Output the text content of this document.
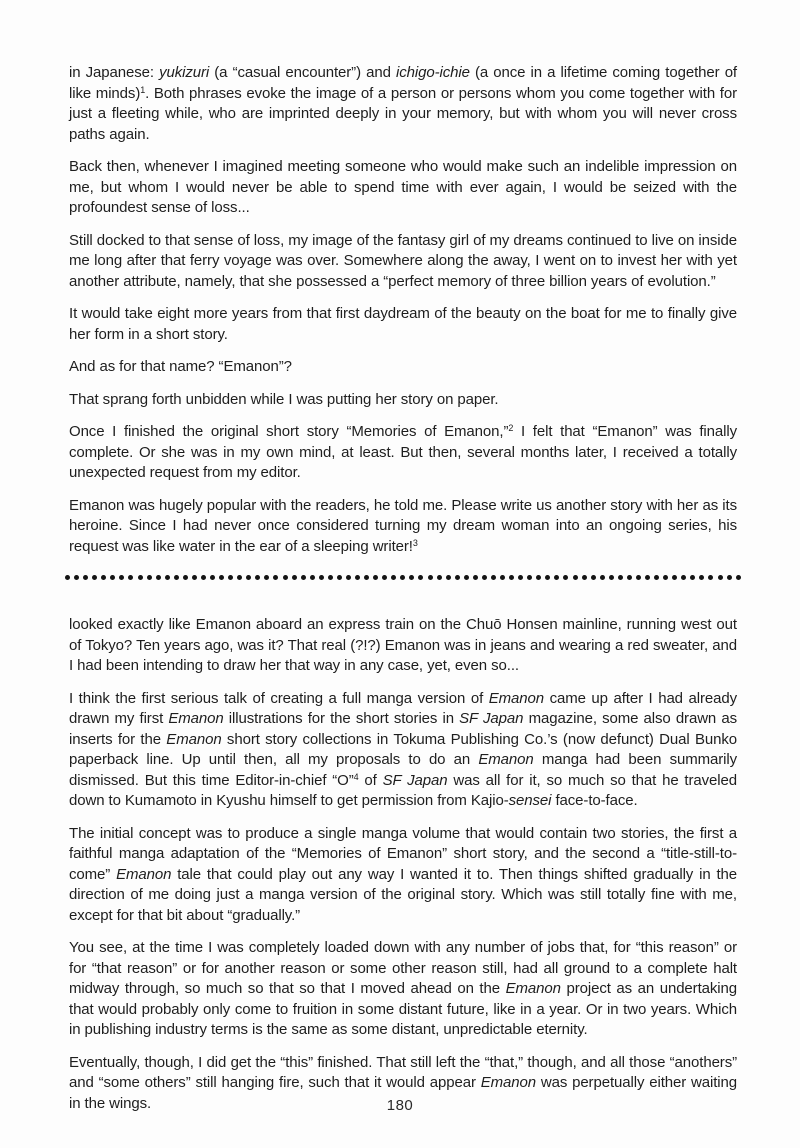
in Japanese: yukizuri (a “casual encounter”) and ichigo-ichie (a once in a lifetime coming together of like minds)$^1$. Both phrases evoke the image of a person or persons whom you come together with for just a fleeting while, who are imprinted deeply in your memory, but with whom you will never cross paths again.

Back then, whenever I imagined meeting someone who would make such an indelible impression on me, but whom I would never be able to spend time with ever again, I would be seized with the profoundest sense of loss...

Still docked to that sense of loss, my image of the fantasy girl of my dreams continued to live on inside me long after that ferry voyage was over. Somewhere along the away, I went on to invest her with yet another attribute, namely, that she possessed a “perfect memory of three billion years of evolution.”

It would take eight more years from that first daydream of the beauty on the boat for me to finally give her form in a short story.

And as for that name? “Emanon”?

That sprang forth unbidden while I was putting her story on paper.

Once I finished the original short story “Memories of Emanon,”$^2$ I felt that “Emanon” was finally complete. Or she was in my own mind, at least. But then, several months later, I received a totally unexpected request from my editor.

Emanon was hugely popular with the readers, he told me. Please write us another story with her as its heroine. Since I had never once considered turning my dream woman into an ongoing series, his request was like water in the ear of a sleeping writer!$^3$

looked exactly like Emanon aboard an express train on the Chuō Honsen mainline, running west out of Tokyo? Ten years ago, was it? That real (?!?) Emanon was in jeans and wearing a red sweater, and I had been intending to draw her that way in any case, yet, even so...

I think the first serious talk of creating a full manga version of Emanon came up after I had already drawn my first Emanon illustrations for the short stories in SF Japan magazine, some also drawn as inserts for the Emanon short story collections in Tokuma Publishing Co.’s (now defunct) Dual Bunko paperback line. Up until then, all my proposals to do an Emanon manga had been summarily dismissed. But this time Editor-in-chief “O”$^4$ of SF Japan was all for it, so much so that he traveled down to Kumamoto in Kyushu himself to get permission from Kajio-sensei face-to-face.

The initial concept was to produce a single manga volume that would contain two stories, the first a faithful manga adaptation of the “Memories of Emanon” short story, and the second a “title-still-to-come” Emanon tale that could play out any way I wanted it to. Then things shifted gradually in the direction of me doing just a manga version of the original story. Which was still totally fine with me, except for that bit about “gradually.”

You see, at the time I was completely loaded down with any number of jobs that, for “this reason” or for “that reason” or for another reason or some other reason still, had all ground to a complete halt midway through, so much so that so that I moved ahead on the Emanon project as an undertaking that would probably only come to fruition in some distant future, like in a year. Or in two years. Which in publishing industry terms is the same as some distant, unpredictable eternity.

Eventually, though, I did get the “this” finished. That still left the “that,” though, and all those “anothers” and “some others” still hanging fire, such that it would appear Emanon was perpetually either waiting in the wings.	180
